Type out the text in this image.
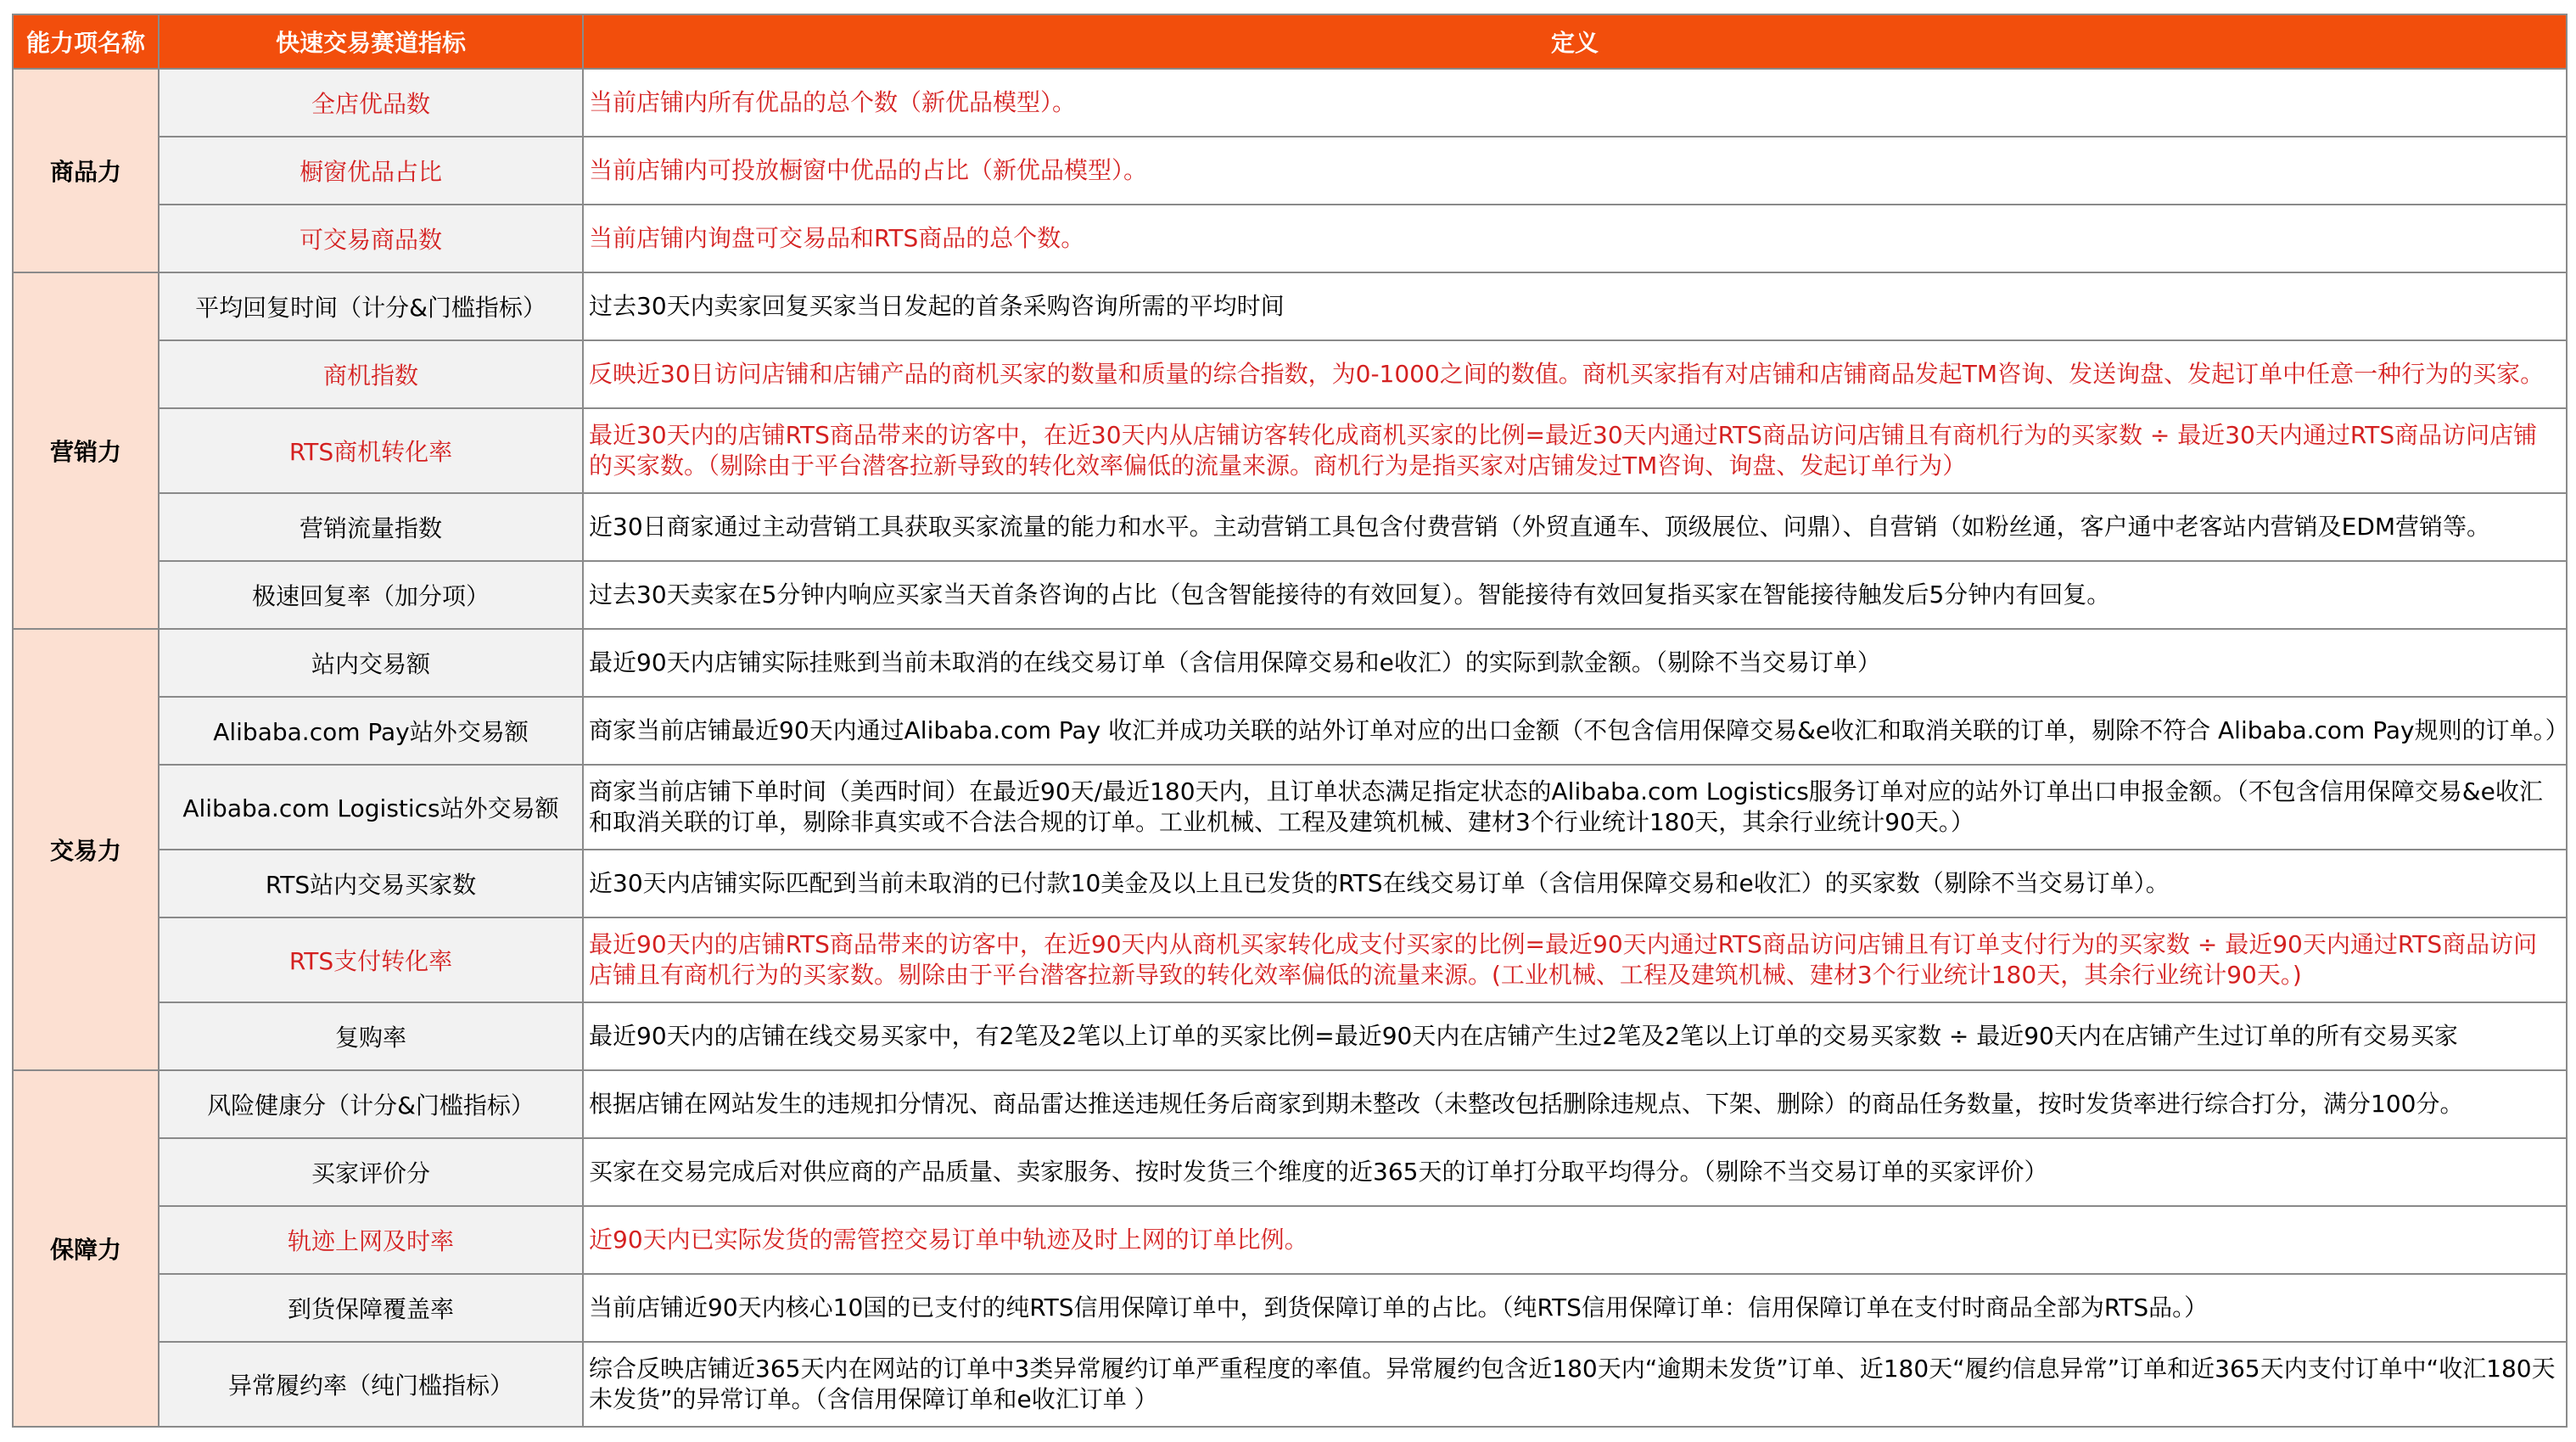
能力项名称	快速交易赛道指标	定义
商品力	全店优品数	当前店铺内所有优品的总个数（新优品模型）。
	橱窗优品占比	当前店铺内可投放橱窗中优品的占比（新优品模型）。
	可交易商品数	当前店铺内询盘可交易品和RTS商品的总个数。
营销力	平均回复时间（计分&门槛指标）	过去30天内卖家回复买家当日发起的首条采购咨询所需的平均时间
	商机指数	反映近30日访问店铺和店铺产品的商机买家的数量和质量的综合指数，为0-1000之间的数值。商机买家指有对店铺和店铺商品发起TM咨询、发送询盘、发起订单中任意一种行为的买家。
	RTS商机转化率	最近30天内的店铺RTS商品带来的访客中，在近30天内从店铺访客转化成商机买家的比例=最近30天内通过RTS商品访问店铺且有商机行为的买家数 ÷ 最近30天内通过RTS商品访问店铺的买家数。（剔除由于平台潜客拉新导致的转化效率偏低的流量来源。商机行为是指买家对店铺发过TM咨询、询盘、发起订单行为）
	营销流量指数	近30日商家通过主动营销工具获取买家流量的能力和水平。主动营销工具包含付费营销（外贸直通车、顶级展位、问鼎）、自营销（如粉丝通，客户通中老客站内营销及EDM营销等。
	极速回复率（加分项）	过去30天卖家在5分钟内响应买家当天首条咨询的占比（包含智能接待的有效回复）。智能接待有效回复指买家在智能接待触发后5分钟内有回复。
交易力	站内交易额	最近90天内店铺实际挂账到当前未取消的在线交易订单（含信用保障交易和e收汇）的实际到款金额。（剔除不当交易订单）
	Alibaba.com Pay站外交易额	商家当前店铺最近90天内通过Alibaba.com Pay 收汇并成功关联的站外订单对应的出口金额（不包含信用保障交易&e收汇和取消关联的订单，剔除不符合 Alibaba.com Pay规则的订单。）
	Alibaba.com Logistics站外交易额	商家当前店铺下单时间（美西时间）在最近90天/最近180天内，且订单状态满足指定状态的Alibaba.com Logistics服务订单对应的站外订单出口申报金额。（不包含信用保障交易&e收汇和取消关联的订单，剔除非真实或不合法合规的订单。工业机械、工程及建筑机械、建材3个行业统计180天，其余行业统计90天。）
	RTS站内交易买家数	近30天内店铺实际匹配到当前未取消的已付款10美金及以上且已发货的RTS在线交易订单（含信用保障交易和e收汇）的买家数（剔除不当交易订单）。
	RTS支付转化率	最近90天内的店铺RTS商品带来的访客中，在近90天内从商机买家转化成支付买家的比例=最近90天内通过RTS商品访问店铺且有订单支付行为的买家数 ÷ 最近90天内通过RTS商品访问店铺且有商机行为的买家数。剔除由于平台潜客拉新导致的转化效率偏低的流量来源。(工业机械、工程及建筑机械、建材3个行业统计180天，其余行业统计90天。)
	复购率	最近90天内的店铺在线交易买家中，有2笔及2笔以上订单的买家比例=最近90天内在店铺产生过2笔及2笔以上订单的交易买家数 ÷ 最近90天内在店铺产生过订单的所有交易买家
保障力	风险健康分（计分&门槛指标）	根据店铺在网站发生的违规扣分情况、商品雷达推送违规任务后商家到期未整改（未整改包括删除违规点、下架、删除）的商品任务数量，按时发货率进行综合打分，满分100分。
	买家评价分	买家在交易完成后对供应商的产品质量、卖家服务、按时发货三个维度的近365天的订单打分取平均得分。（剔除不当交易订单的买家评价）
	轨迹上网及时率	近90天内已实际发货的需管控交易订单中轨迹及时上网的订单比例。
	到货保障覆盖率	当前店铺近90天内核心10国的已支付的纯RTS信用保障订单中，到货保障订单的占比。（纯RTS信用保障订单：信用保障订单在支付时商品全部为RTS品。）
	异常履约率（纯门槛指标）	综合反映店铺近365天内在网站的订单中3类异常履约订单严重程度的率值。异常履约包含近180天内“逾期未发货”订单、近180天“履约信息异常”订单和近365天内支付订单中“收汇180天未发货”的异常订单。（含信用保障订单和e收汇订单 ）
